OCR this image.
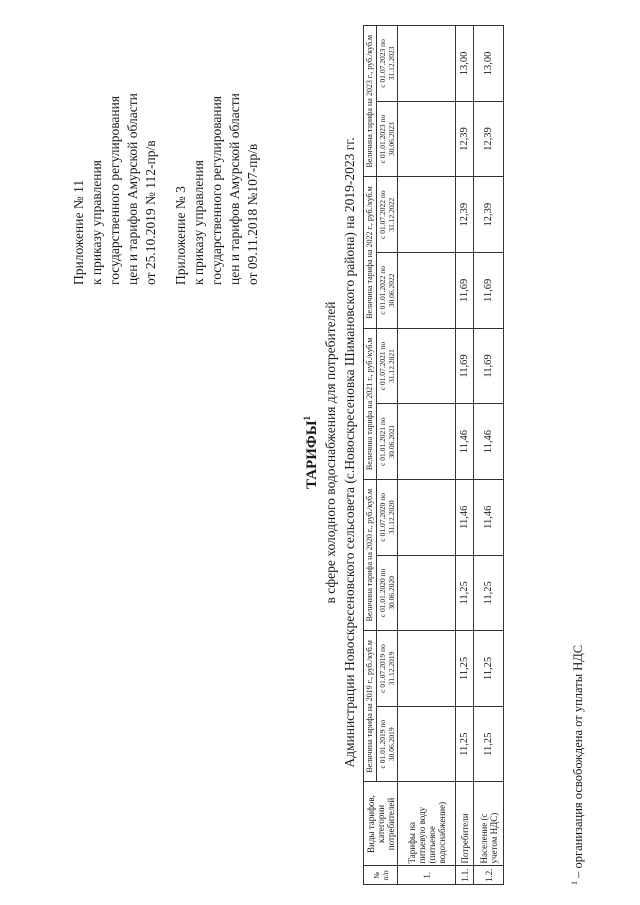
Приложение № 11 к приказу управления государственного регулирования цен и тарифов Амурской области от 25.10.2019 № 112-пр/в Приложение № 3 к приказу управления государственного регулирования цен и тарифов Амурской области от 09.11.2018 №107-пр/в
ТАРИФЫ$^1$ в сфере холодного водоснабжения для потребителей Администрации Новоскресеновского сельсовета (с.Новоскресеновка Шимановского района) на 2019-2023 гг.
№ п/п	Виды тарифов, категории потребителей	Величина тарифа на 2019 г., руб./куб.м		Величина тарифа на 2020 г., руб./куб.м		Величина тарифа на 2021 г., руб./куб.м		Величина тарифа на 2022 г., руб./куб.м		Величина тарифа на 2023 г., руб./куб.м	
		с 01.01.2019 по 30.06.2019	с 01.07.2019 по 31.12.2019	с 01.01.2020 по 30.06.2020	с 01.07.2020 по 31.12.2020	с 01.01.2021 по 30.06.2021	с 01.07.2021 по 31.12.2021	с 01.01.2022 по 30.06.2022	с 01.07.2022 по 31.12.2022	с 01.01.2023 по 30.06.2023	с 01.07.2023 по 31.12.2023
1.	Тарифы на питьевую воду (питьевое водоснабжение)										
1.1.	Потребители	11,25	11,25	11,25	11,46	11,46	11,69	11,69	12,39	12,39	13,00
1.2.	Население (с учетом НДС)	11,25	11,25	11,25	11,46	11,46	11,69	11,69	12,39	12,39	13,00
$^1$ – организация освобождена от уплаты НДС
